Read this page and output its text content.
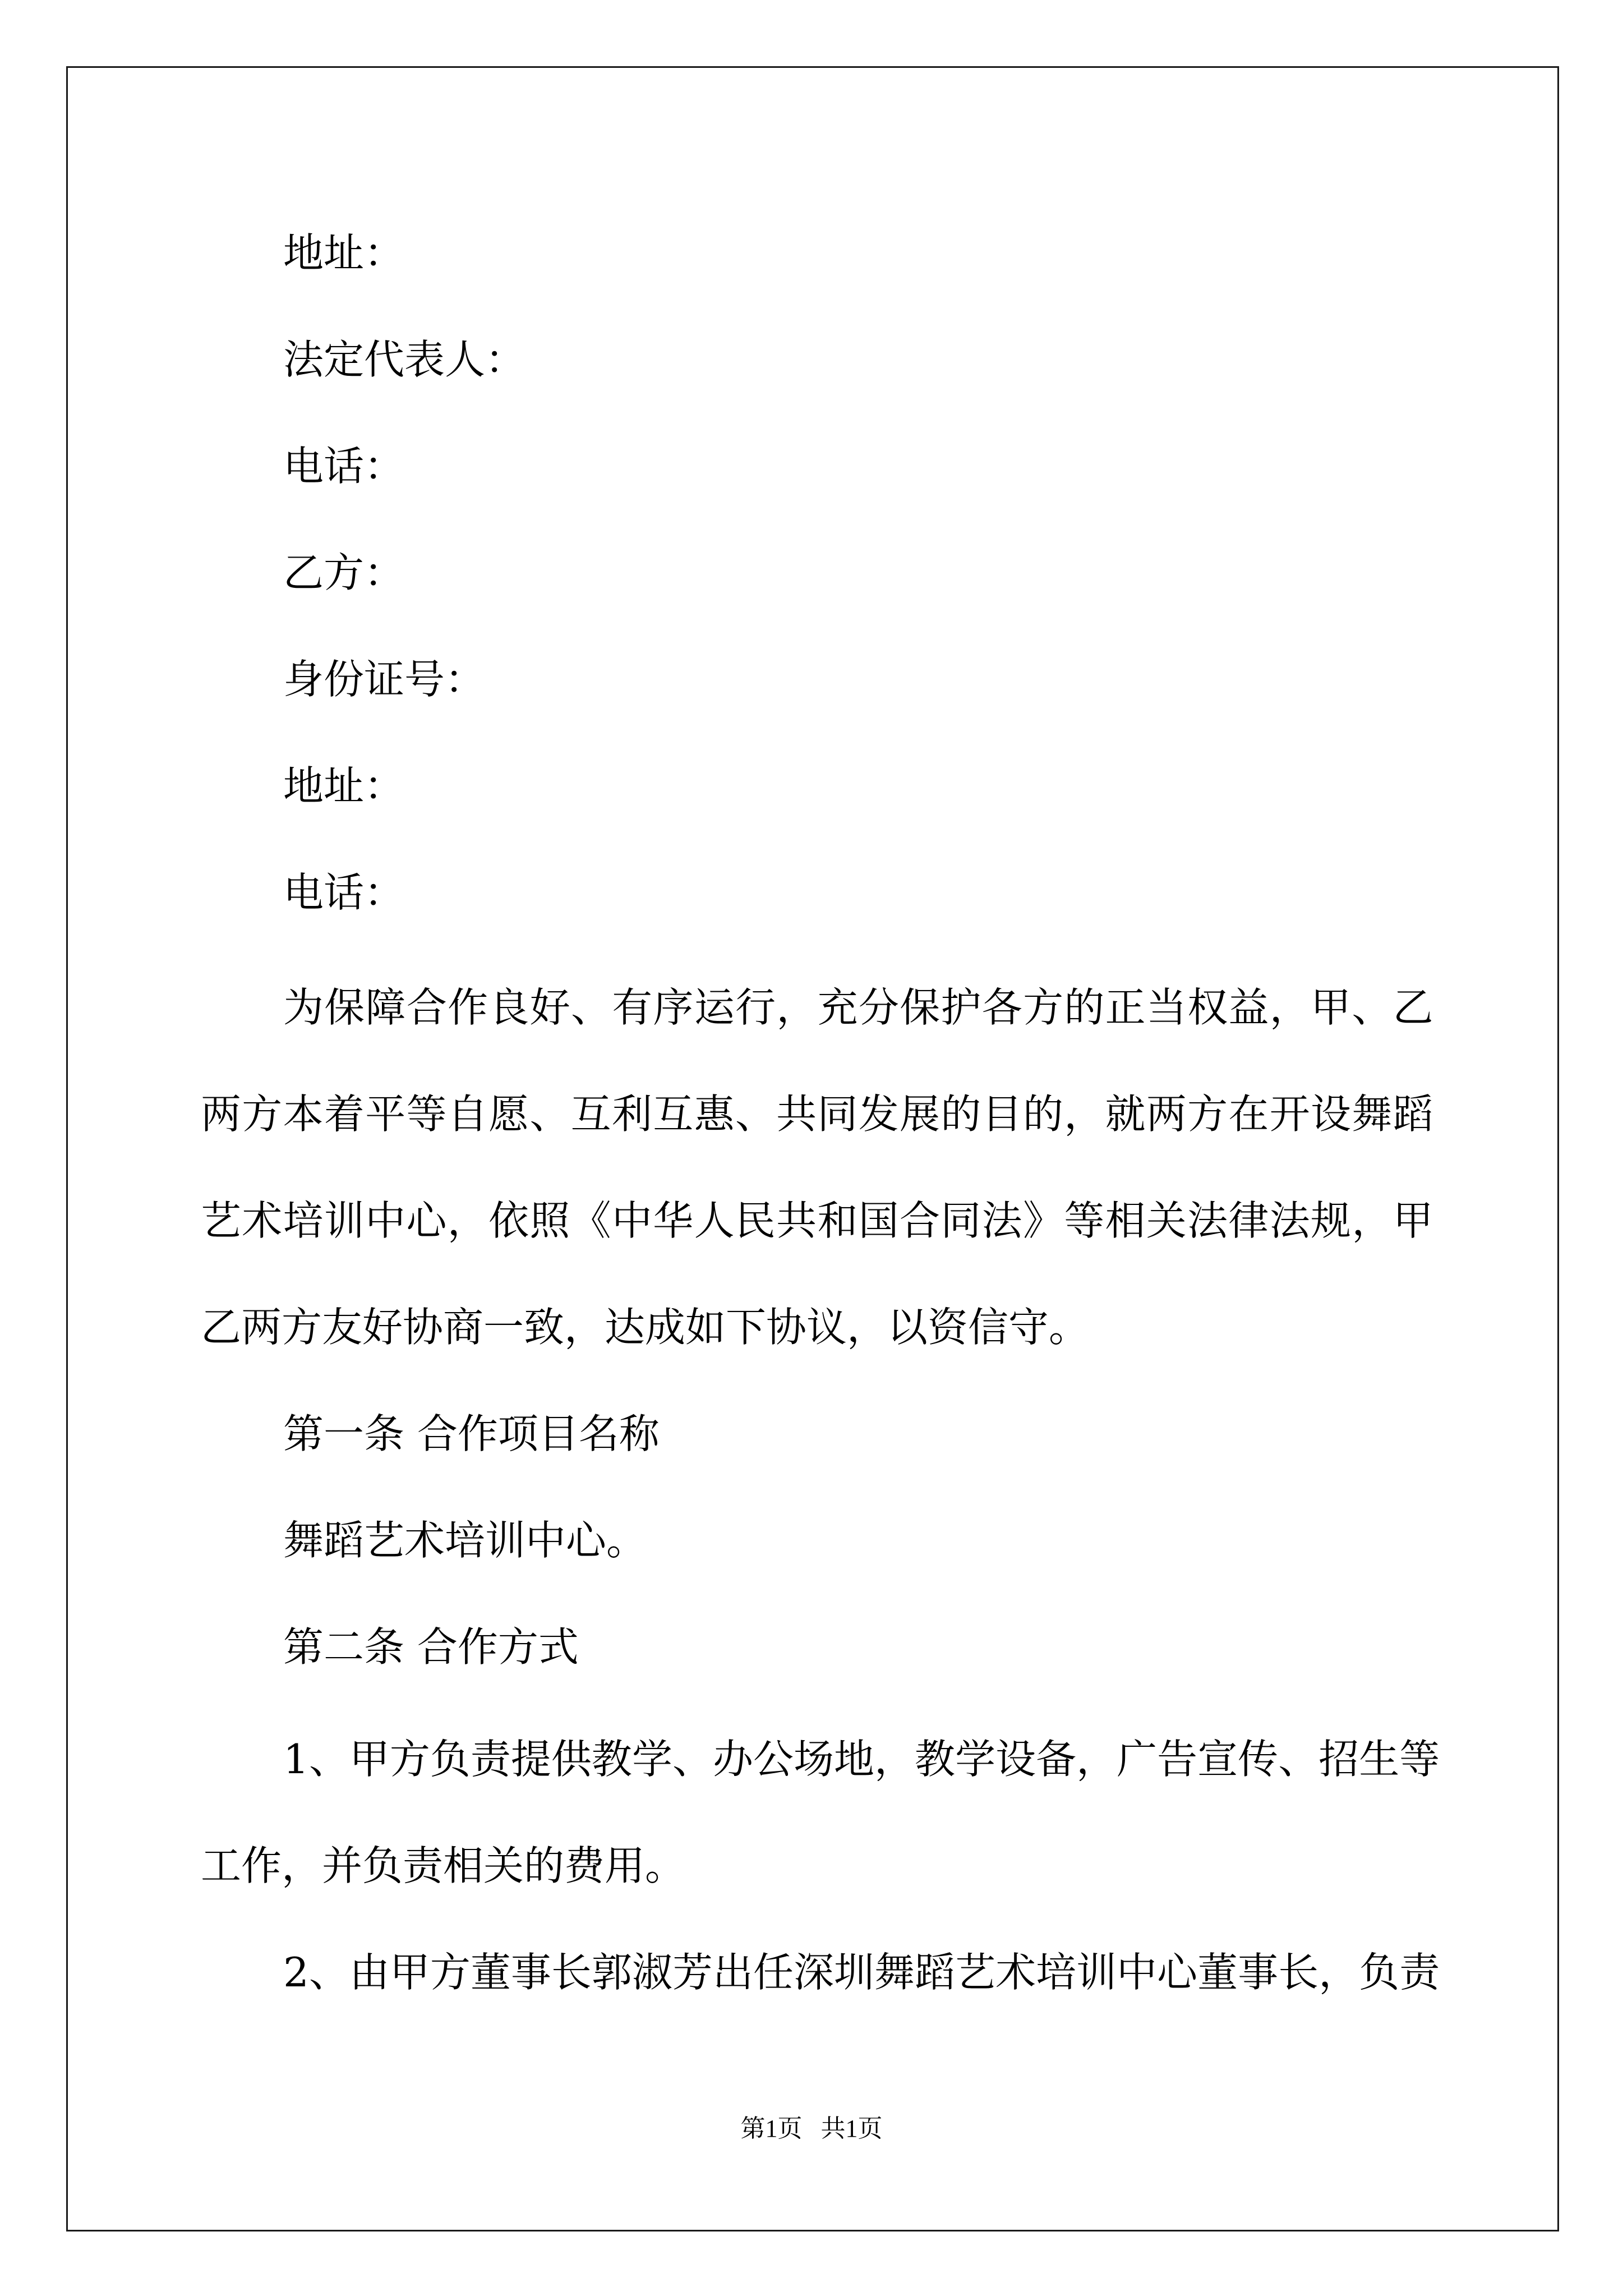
地址：
法定代表人：
电话：
乙方：
身份证号：
地址：
电话：
为 保 障 合 作 良 好 、 有 序 运 行 ， 充 分 保 护 各 方 的 正 当 权 益 ， 甲 、 乙
两 方 本 着 平 等 自 愿 、 互 利 互 惠 、 共 同 发 展 的 目 的 ， 就 两 方 在 开 设 舞 蹈
艺 术 培 训 中 心 ， 依 照 《 中 华 人 民 共 和 国 合 同 法 》 等 相 关 法 律 法 规 ， 甲
乙两方友好协商一致，达成如下协议，以资信守。
第一条 合作项目名称
舞蹈艺术培训中心。
第二条 合作方式
1 、 甲 方 负 责 提 供 教 学 、 办 公 场 地 ， 教 学 设 备 ， 广 告 宣 传 、 招 生 等
工作，并负责相关的费用。
2 、 由 甲 方 董 事 长 郭 淑 芳 出 任 深 圳 舞 蹈 艺 术 培 训 中 心 董 事 长 ， 负 责
第1页   共1页
